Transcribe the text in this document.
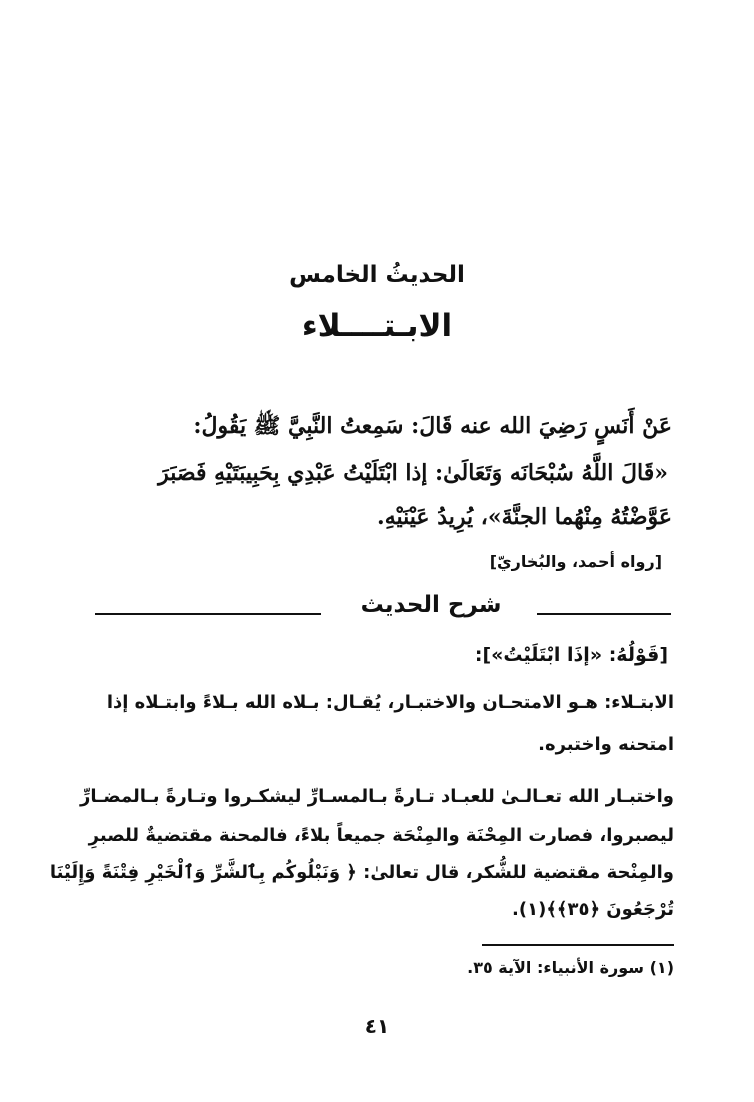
الحديثُ الخامس
الابـتــــلاء
عَنْ أَنَسٍ رَضِيَ الله عنه قَالَ: سَمِعتُ النَّبِيَّ ﷺ يَقُولُ:
«قَالَ اللَّهُ سُبْحَانَه وَتَعَالَىٰ: إذا ابْتَلَيْتُ عَبْدِي بِحَبِيبَتَيْهِ فَصَبَرَ
عَوَّضْتُهُ مِنْهُما الجنَّةَ»، يُرِيدُ عَيْنَيْهِ.
[رواه أحمد، والبُخاريّ]
شرح الحديث
[قَوْلُهُ: «إذَا ابْتَلَيْتُ»]:
الابتـلاء: هـو الامتحـان والاختبـار، يُقـال: بـلاه الله بـلاءً وابتـلاه إذا
امتحنه واختبره.
واختبـار الله تعـالـىٰ للعبـاد تـارةً بـالمسـارِّ ليشكـروا وتـارةً بـالمضـارِّ
ليصبروا، فصارت المِحْنَة والمِنْحَة جميعاً بلاءً، فالمحنة مقتضيةٌ للصبرِ
والمِنْحة مقتضية للشُّكر، قال تعالىٰ: ﴿ وَنَبْلُوكُم بِٱلشَّرِّ وَٱلْخَيْرِ فِتْنَةً وَإِلَيْنَا
تُرْجَعُونَ ﴿٣٥﴾﴾(١).
(١) سورة الأنبياء: الآية ٣٥.
٤١
